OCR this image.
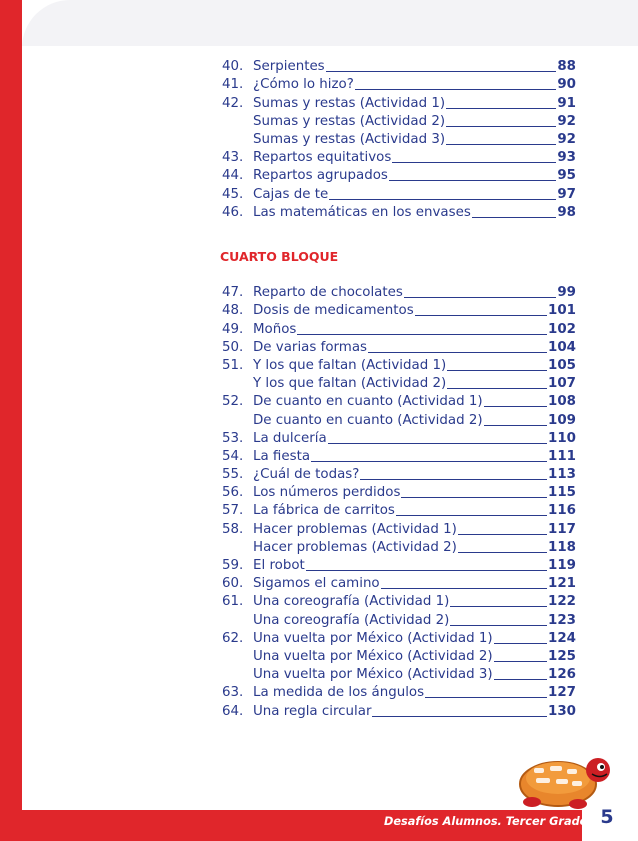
40. Serpientes	88
41. ¿Cómo lo hizo?	90
42. Sumas y restas (Actividad 1)	91
Sumas y restas (Actividad 2)	92
Sumas y restas (Actividad 3)	92
43. Repartos equitativos	93
44. Repartos agrupados	95
45. Cajas de te	97
46. Las matemáticas en los envases	98
CUARTO BLOQUE
47. Reparto de chocolates	99
48. Dosis de medicamentos	101
49. Moños	102
50. De varias formas	104
51. Y los que faltan (Actividad 1)	105
Y los que faltan (Actividad 2)	107
52. De cuanto en cuanto (Actividad 1)	108
De cuanto en cuanto (Actividad 2)	109
53. La dulcería	110
54. La fiesta	111
55. ¿Cuál de todas?	113
56. Los números perdidos	115
57. La fábrica de carritos	116
58. Hacer problemas (Actividad 1)	117
Hacer problemas (Actividad 2)	118
59. El robot	119
60. Sigamos el camino	121
61. Una coreografía (Actividad 1)	122
Una coreografía (Actividad 2)	123
62. Una vuelta por México (Actividad 1)	124
Una vuelta por México (Actividad 2)	125
Una vuelta por México (Actividad 3)	126
63. La medida de los ángulos	127
64. Una regla circular	130
Desafíos Alumnos. Tercer Grado 5
